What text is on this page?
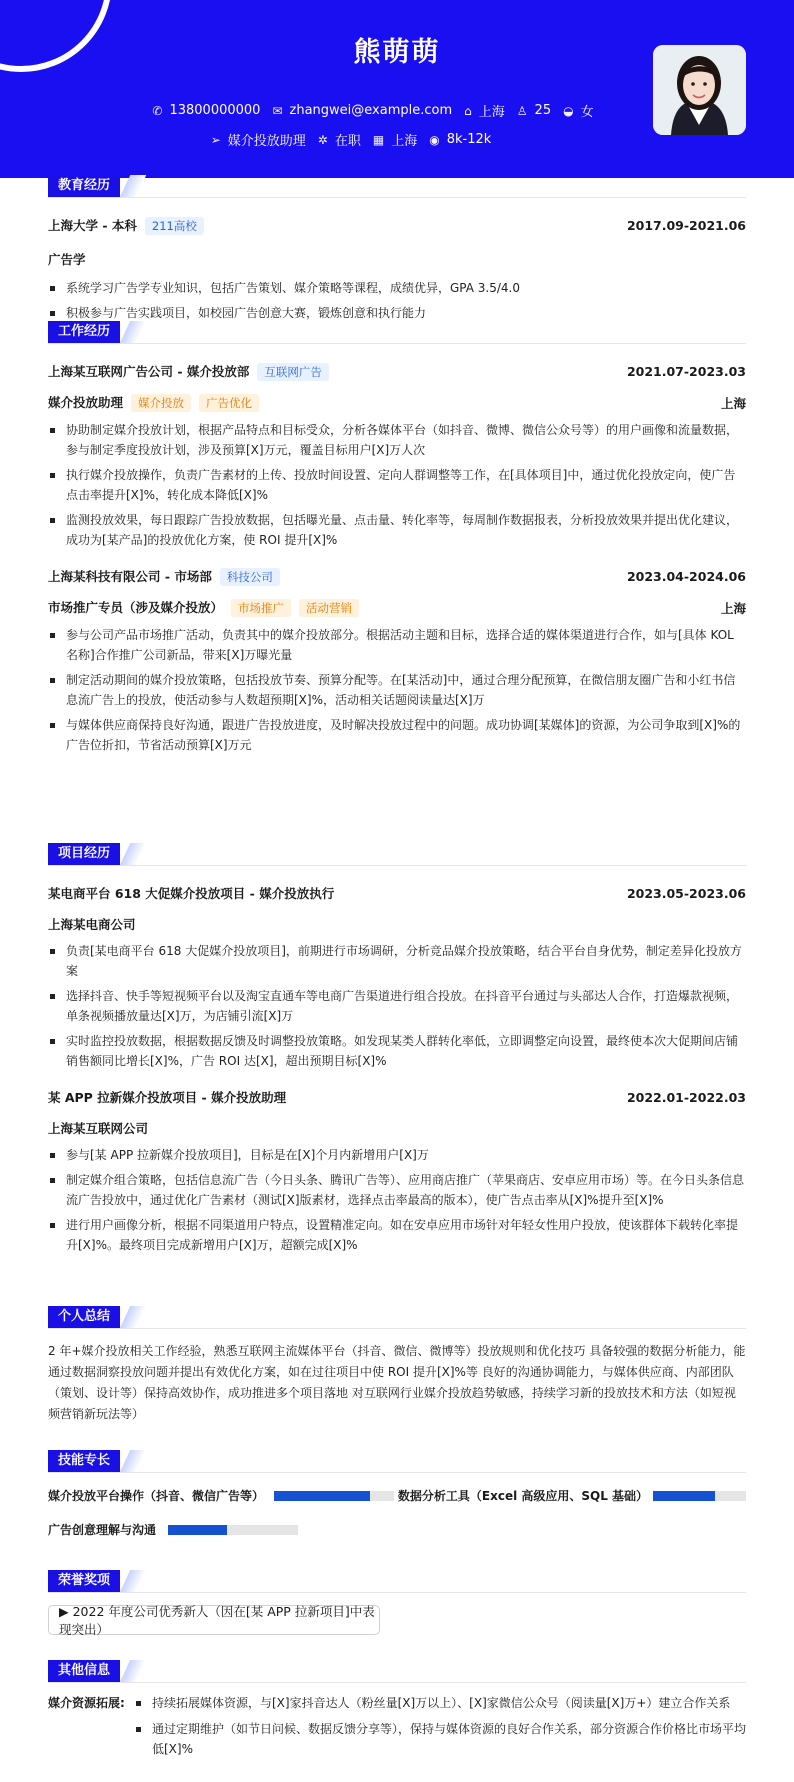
熊萌萌
✆ 13800000000 ✉ zhangwei@example.com ⌂ 上海 ♙ 25 ◒ 女
➢ 媒介投放助理 ✲ 在职 ▦ 上海 ◉ 8k-12k
教育经历
上海大学 - 本科 211高校	2017.09-2021.06
广告学
系统学习广告学专业知识，包括广告策划、媒介策略等课程，成绩优异，GPA 3.5/4.0
积极参与广告实践项目，如校园广告创意大赛，锻炼创意和执行能力
工作经历
上海某互联网广告公司 - 媒介投放部 互联网广告	2021.07-2023.03
媒介投放助理 媒介投放 广告优化	上海
协助制定媒介投放计划，根据产品特点和目标受众，分析各媒体平台（如抖音、微博、微信公众号等）的用户画像和流量数据，参与制定季度投放计划，涉及预算[X]万元，覆盖目标用户[X]万人次
执行媒介投放操作，负责广告素材的上传、投放时间设置、定向人群调整等工作，在[具体项目]中，通过优化投放定向，使广告点击率提升[X]%，转化成本降低[X]%
监测投放效果，每日跟踪广告投放数据，包括曝光量、点击量、转化率等，每周制作数据报表，分析投放效果并提出优化建议，成功为[某产品]的投放优化方案，使 ROI 提升[X]%
上海某科技有限公司 - 市场部 科技公司	2023.04-2024.06
市场推广专员（涉及媒介投放） 市场推广 活动营销	上海
参与公司产品市场推广活动，负责其中的媒介投放部分。根据活动主题和目标，选择合适的媒体渠道进行合作，如与[具体 KOL 名称]合作推广公司新品，带来[X]万曝光量
制定活动期间的媒介投放策略，包括投放节奏、预算分配等。在[某活动]中，通过合理分配预算，在微信朋友圈广告和小红书信息流广告上的投放，使活动参与人数超预期[X]%，活动相关话题阅读量达[X]万
与媒体供应商保持良好沟通，跟进广告投放进度，及时解决投放过程中的问题。成功协调[某媒体]的资源，为公司争取到[X]%的广告位折扣，节省活动预算[X]万元
项目经历
某电商平台 618 大促媒介投放项目 - 媒介投放执行	2023.05-2023.06
上海某电商公司
负责[某电商平台 618 大促媒介投放项目]，前期进行市场调研，分析竞品媒介投放策略，结合平台自身优势，制定差异化投放方案
选择抖音、快手等短视频平台以及淘宝直通车等电商广告渠道进行组合投放。在抖音平台通过与头部达人合作，打造爆款视频，单条视频播放量达[X]万，为店铺引流[X]万
实时监控投放数据，根据数据反馈及时调整投放策略。如发现某类人群转化率低，立即调整定向设置，最终使本次大促期间店铺销售额同比增长[X]%，广告 ROI 达[X]，超出预期目标[X]%
某 APP 拉新媒介投放项目 - 媒介投放助理	2022.01-2022.03
上海某互联网公司
参与[某 APP 拉新媒介投放项目]，目标是在[X]个月内新增用户[X]万
制定媒介组合策略，包括信息流广告（今日头条、腾讯广告等）、应用商店推广（苹果商店、安卓应用市场）等。在今日头条信息流广告投放中，通过优化广告素材（测试[X]版素材，选择点击率最高的版本），使广告点击率从[X]%提升至[X]%
进行用户画像分析，根据不同渠道用户特点，设置精准定向。如在安卓应用市场针对年轻女性用户投放，使该群体下载转化率提升[X]%。最终项目完成新增用户[X]万，超额完成[X]%
个人总结
2 年+媒介投放相关工作经验，熟悉互联网主流媒体平台（抖音、微信、微博等）投放规则和优化技巧 具备较强的数据分析能力，能通过数据洞察投放问题并提出有效优化方案，如在过往项目中使 ROI 提升[X]%等 良好的沟通协调能力，与媒体供应商、内部团队（策划、设计等）保持高效协作，成功推进多个项目落地 对互联网行业媒介投放趋势敏感，持续学习新的投放技术和方法（如短视频营销新玩法等）
技能专长
媒介投放平台操作（抖音、微信广告等）	数据分析工具（Excel 高级应用、SQL 基础）
广告创意理解与沟通
荣誉奖项
▶ 2022 年度公司优秀新人（因在[某 APP 拉新项目]中表现突出）
其他信息
媒介资源拓展:	持续拓展媒体资源，与[X]家抖音达人（粉丝量[X]万以上）、[X]家微信公众号（阅读量[X]万+）建立合作关系
通过定期维护（如节日问候、数据反馈分享等），保持与媒体资源的良好合作关系，部分资源合作价格比市场平均低[X]%
